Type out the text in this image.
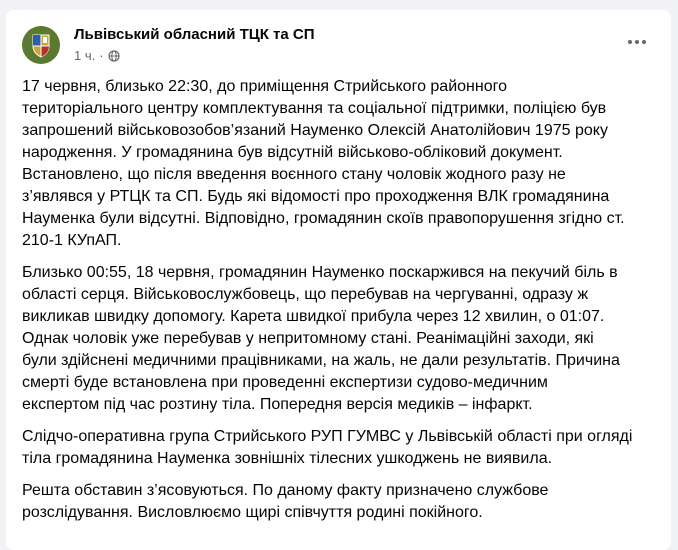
Львівський обласний ТЦК та СП
1 ч. ·

17 червня, близько 22:30, до приміщення Стрийського районного
територіального центру комплектування та соціальної підтримки, поліцією був
запрошений військовозобов’язаний Науменко Олексій Анатолійович 1975 року
народження. У громадянина був відсутній військово-обліковий документ.
Встановлено, що після введення воєнного стану чоловік жодного разу не
з’являвся у РТЦК та СП. Будь які відомості про проходження ВЛК громадянина
Науменка були відсутні. Відповідно, громадянин скоїв правопорушення згідно ст.
210-1 КУпАП.

Близько 00:55, 18 червня, громадянин Науменко поскаржився на пекучий біль в
області серця. Військовослужбовець, що перебував на чергуванні, одразу ж
викликав швидку допомогу. Карета швидкої прибула через 12 хвилин, о 01:07.
Однак чоловік уже перебував у непритомному стані. Реанімаційні заходи, які
були здійснені медичними працівниками, на жаль, не дали результатів. Причина
смерті буде встановлена при проведенні експертизи судово-медичним
експертом під час розтину тіла. Попередня версія медиків – інфаркт.

Слідчо-оперативна група Стрийського РУП ГУМВС у Львівській області при огляді
тіла громадянина Науменка зовнішніх тілесних ушкоджень не виявила.

Решта обставин з’ясовуються. По даному факту призначено службове
розслідування. Висловлюємо щирі співчуття родині покійного.
